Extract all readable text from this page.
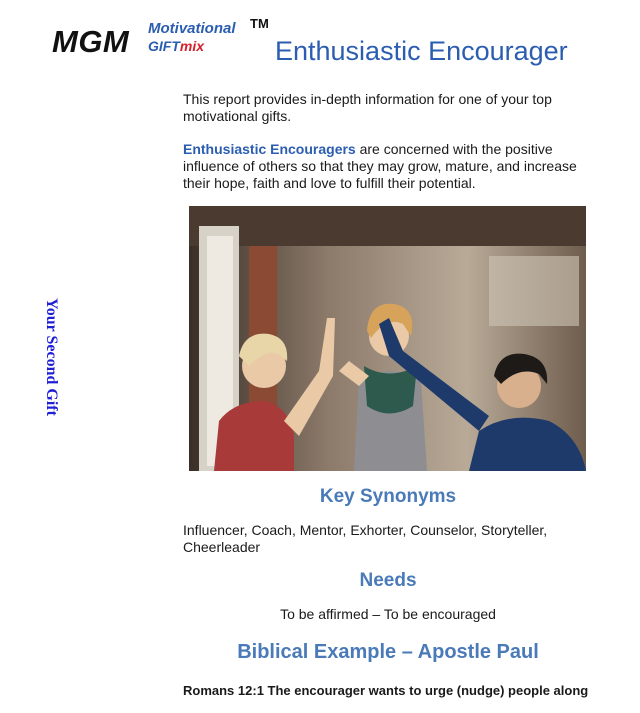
MGM Motivational
GIFTmix
TM
Enthusiastic Encourager
Your Second Gift
This report provides in-depth information for one of your top motivational gifts.
Enthusiastic Encouragers are concerned with the positive influence of others so that they may grow, mature, and increase their hope, faith and love to fulfill their potential.
Key Synonyms
Influencer, Coach, Mentor, Exhorter, Counselor, Storyteller, Cheerleader
Needs
To be affirmed – To be encouraged
Biblical Example – Apostle Paul
Romans 12:1 The encourager wants to urge (nudge) people along
